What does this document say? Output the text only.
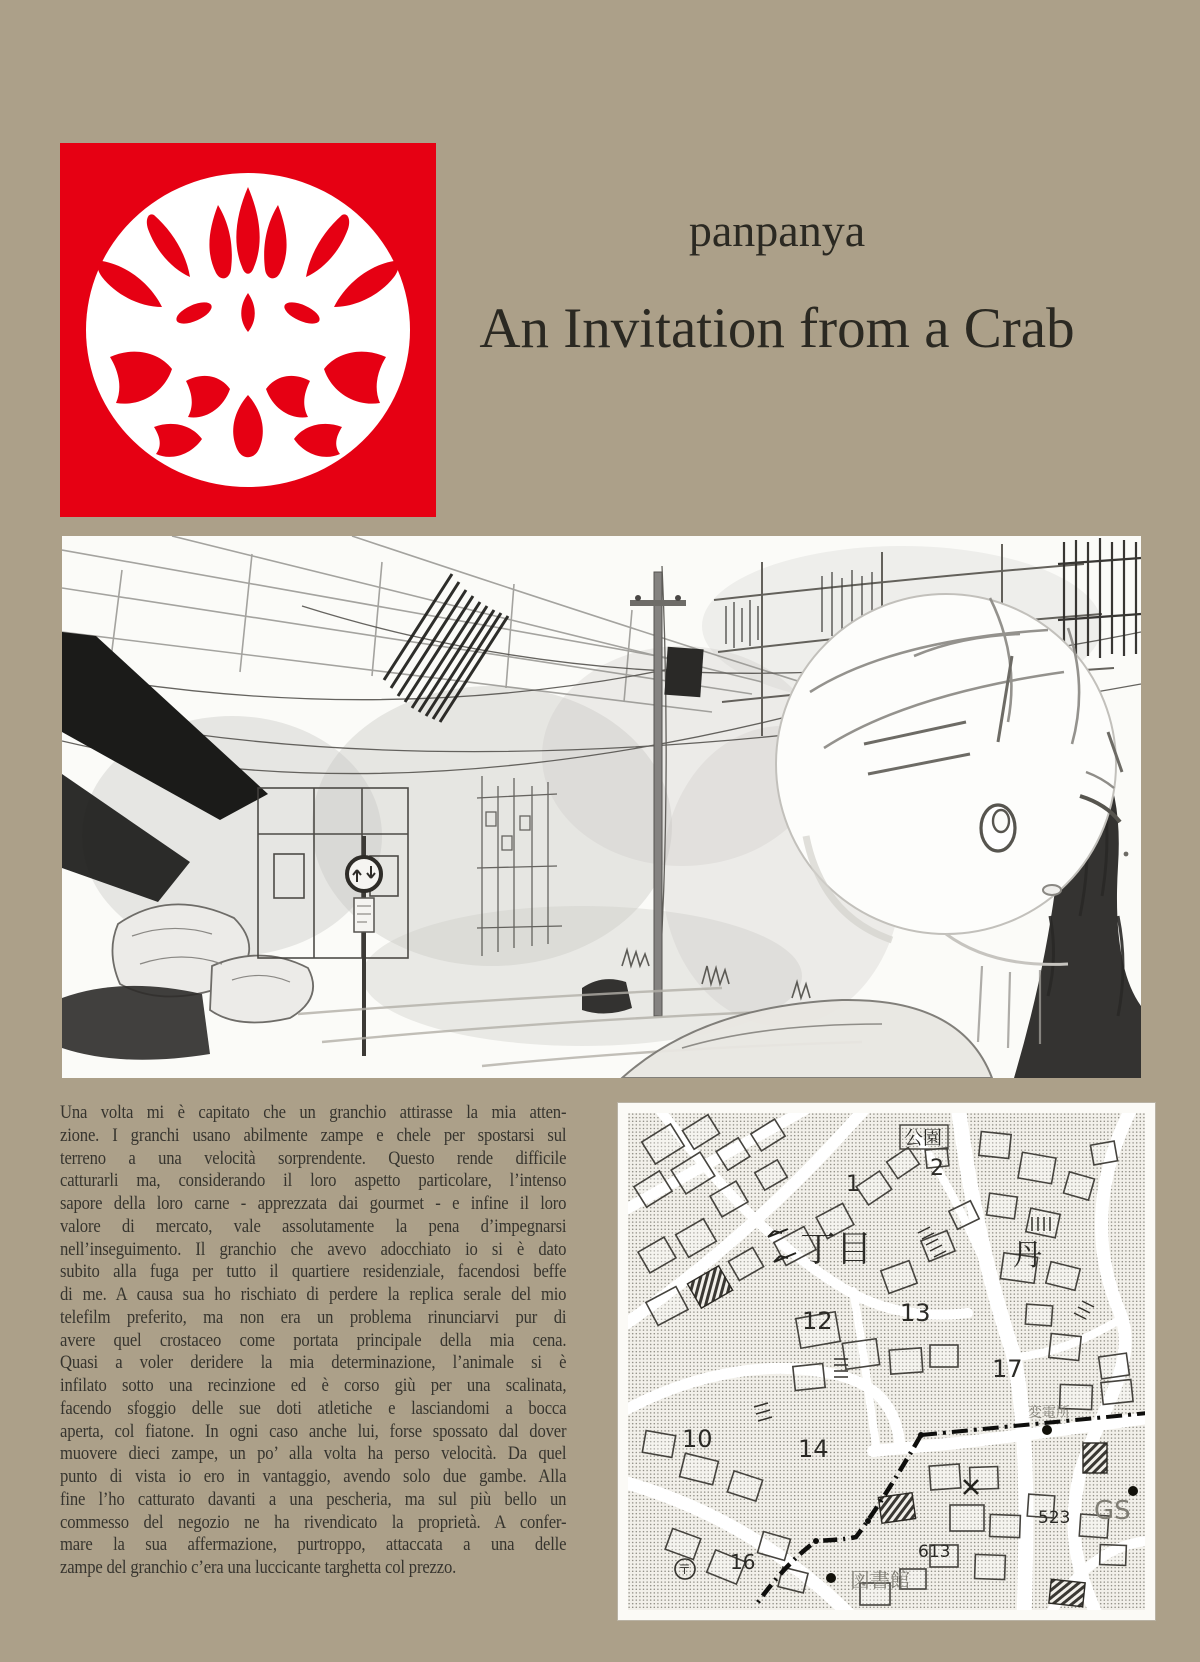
panpanya
An Invitation from a Crab
Una volta mi è capitato che un granchio attirasse la mia atten-
zione. I granchi usano abilmente zampe e chele per spostarsi sul
terreno a una velocità sorprendente. Questo rende difficile
catturarli ma, considerando il loro aspetto particolare, l’intenso
sapore della loro carne - apprezzata dai gourmet - e infine il loro
valore di mercato, vale assolutamente la pena d’impegnarsi
nell’inseguimento. Il granchio che avevo adocchiato io si è dato
subito alla fuga per tutto il quartiere residenziale, facendosi beffe
di me. A causa sua ho rischiato di perdere la replica serale del mio
telefilm preferito, ma non era un problema rinunciarvi pur di
avere quel crostaceo come portata principale della mia cena.
Quasi a voler deridere la mia determinazione, l’animale si è
infilato sotto una recinzione ed è corso giù per una scalinata,
facendo sfoggio delle sue doti atletiche e lasciandomi a bocca
aperta, col fiatone. In ogni caso anche lui, forse spossato dal dover
muovere dieci zampe, un po’ alla volta ha perso velocità. Da quel
punto di vista io ero in vantaggio, avendo solo due gambe. Alla
fine l’ho catturato davanti a una pescheria, ma sul più bello un
commesso del negozio ne ha rivendicato la proprietà. A confer-
mare la sua affermazione, purtroppo, attaccata a una delle
zampe del granchio c’era una luccicante targhetta col prezzo.
公園
2
1
丁目	丹
13
12
17
10	14
変電所
523 GS
613
図書館
16
〒
